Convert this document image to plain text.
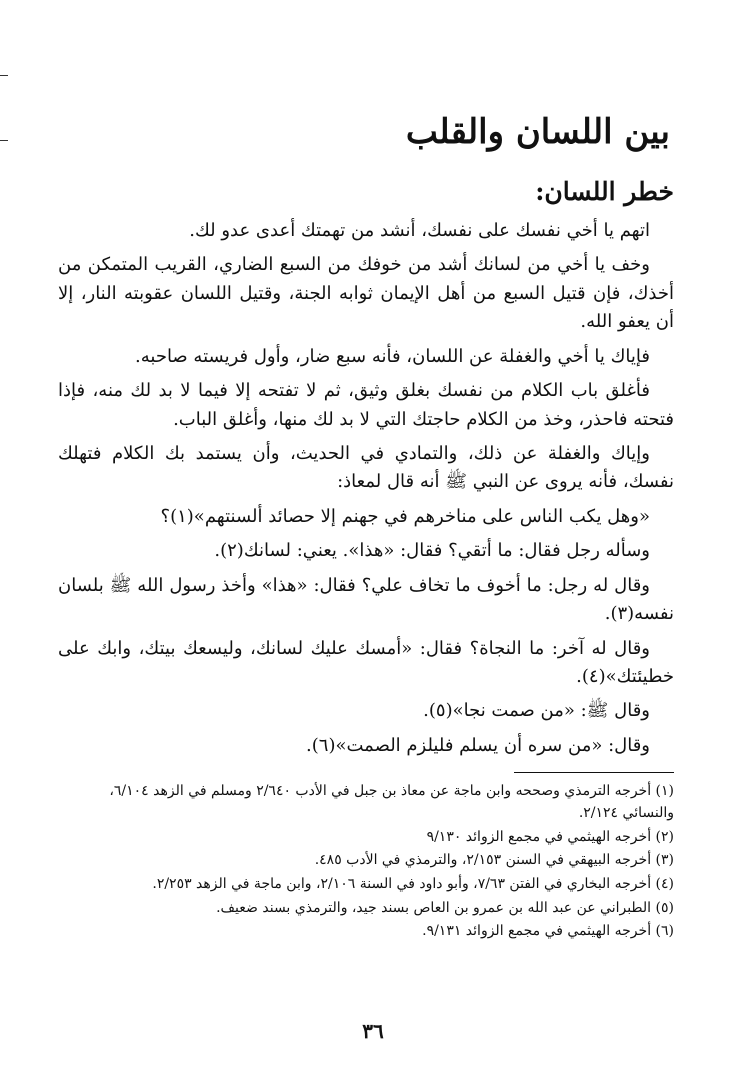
بين اللسان والقلب
خطر اللسان:

اتهم يا أخي نفسك على نفسك، أنشد من تهمتك أعدى عدو لك.

وخف يا أخي من لسانك أشد من خوفك من السبع الضاري، القريب المتمكن من أخذك، فإن قتيل السبع من أهل الإيمان ثوابه الجنة، وقتيل اللسان عقوبته النار، إلا أن يعفو الله.

فإياك يا أخي والغفلة عن اللسان، فأنه سبع ضار، وأول فريسته صاحبه.

فأغلق باب الكلام من نفسك بغلق وثيق، ثم لا تفتحه إلا فيما لا بد لك منه، فإذا فتحته فاحذر، وخذ من الكلام حاجتك التي لا بد لك منها، وأغلق الباب.

وإياك والغفلة عن ذلك، والتمادي في الحديث، وأن يستمد بك الكلام فتهلك نفسك، فأنه يروى عن النبي ﷺ أنه قال لمعاذ:

«وهل يكب الناس على مناخرهم في جهنم إلا حصائد ألسنتهم»(١)؟

وسأله رجل فقال: ما أتقي؟ فقال: «هذا». يعني: لسانك(٢).

وقال له رجل: ما أخوف ما تخاف علي؟ فقال: «هذا» وأخذ رسول الله ﷺ بلسان نفسه(٣).

وقال له آخر: ما النجاة؟ فقال: «أمسك عليك لسانك، وليسعك بيتك، وابك على خطيئتك»(٤).

وقال ﷺ: «من صمت نجا»(٥).

وقال: «من سره أن يسلم فليلزم الصمت»(٦).

(١) أخرجه الترمذي وصححه وابن ماجة عن معاذ بن جبل في الأدب ٢/٦٤٠ ومسلم في الزهد ٦/١٠٤، والنسائي ٢/١٢٤.

(٢) أخرجه الهيثمي في مجمع الزوائد ٩/١٣٠

(٣) أخرجه البيهقي في السنن ٢/١٥٣، والترمذي في الأدب ٤٨٥.

(٤) أخرجه البخاري في الفتن ٧/٦٣، وأبو داود في السنة ٢/١٠٦، وابن ماجة في الزهد ٢/٢٥٣.

(٥) الطبراني عن عبد الله بن عمرو بن العاص بسند جيد، والترمذي بسند ضعيف.

(٦) أخرجه الهيثمي في مجمع الزوائد ٩/١٣١.

٣٦
